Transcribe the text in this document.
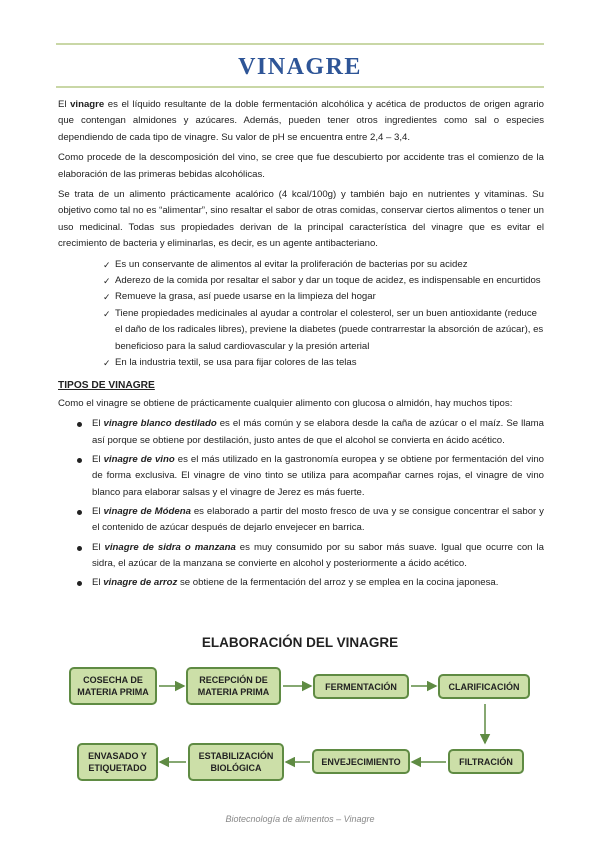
VINAGRE

El vinagre es el líquido resultante de la doble fermentación alcohólica y acética de productos de origen agrario que contengan almidones y azúcares. Además, pueden tener otros ingredientes como sal o especies dependiendo de cada tipo de vinagre. Su valor de pH se encuentra entre 2,4 – 3,4.

Como procede de la descomposición del vino, se cree que fue descubierto por accidente tras el comienzo de la elaboración de las primeras bebidas alcohólicas.

Se trata de un alimento prácticamente acalórico (4 kcal/100g) y también bajo en nutrientes y vitaminas. Su objetivo como tal no es “alimentar”, sino resaltar el sabor de otras comidas, conservar ciertos alimentos o tener un uso medicinal. Todas sus propiedades derivan de la principal característica del vinagre que es evitar el crecimiento de bacteria y eliminarlas, es decir, es un agente antibacteriano.

✓ Es un conservante de alimentos al evitar la proliferación de bacterias por su acidez
✓ Aderezo de la comida por resaltar el sabor y dar un toque de acidez, es indispensable en encurtidos
✓ Remueve la grasa, así puede usarse en la limpieza del hogar
✓ Tiene propiedades medicinales al ayudar a controlar el colesterol, ser un buen antioxidante (reduce el daño de los radicales libres), previene la diabetes (puede contrarrestar la absorción de azúcar), es beneficioso para la salud cardiovascular y la presión arterial
✓ En la industria textil, se usa para fijar colores de las telas
TIPOS DE VINAGRE

Como el vinagre se obtiene de prácticamente cualquier alimento con glucosa o almidón, hay muchos tipos:

El vinagre blanco destilado es el más común y se elabora desde la caña de azúcar o el maíz. Se llama así porque se obtiene por destilación, justo antes de que el alcohol se convierta en ácido acético.
El vinagre de vino es el más utilizado en la gastronomía europea y se obtiene por fermentación del vino de forma exclusiva. El vinagre de vino tinto se utiliza para acompañar carnes rojas, el vinagre de vino blanco para elaborar salsas y el vinagre de Jerez es más fuerte.
El vinagre de Módena es elaborado a partir del mosto fresco de uva y se consigue concentrar el sabor y el contenido de azúcar después de dejarlo envejecer en barrica.
El vinagre de sidra o manzana es muy consumido por su sabor más suave. Igual que ocurre con la sidra, el azúcar de la manzana se convierte en alcohol y posteriormente a ácido acético.
El vinagre de arroz se obtiene de la fermentación del arroz y se emplea en la cocina japonesa.
ELABORACIÓN DEL VINAGRE
COSECHA DE MATERIA PRIMA
RECEPCIÓN DE MATERIA PRIMA
FERMENTACIÓN	CLARIFICACIÓN
FILTRACIÓN
ENVEJECIMIENTO
ESTABILIZACIÓN BIOLÓGICA
ENVASADO Y ETIQUETADO
Biotecnología de alimentos – Vinagre
